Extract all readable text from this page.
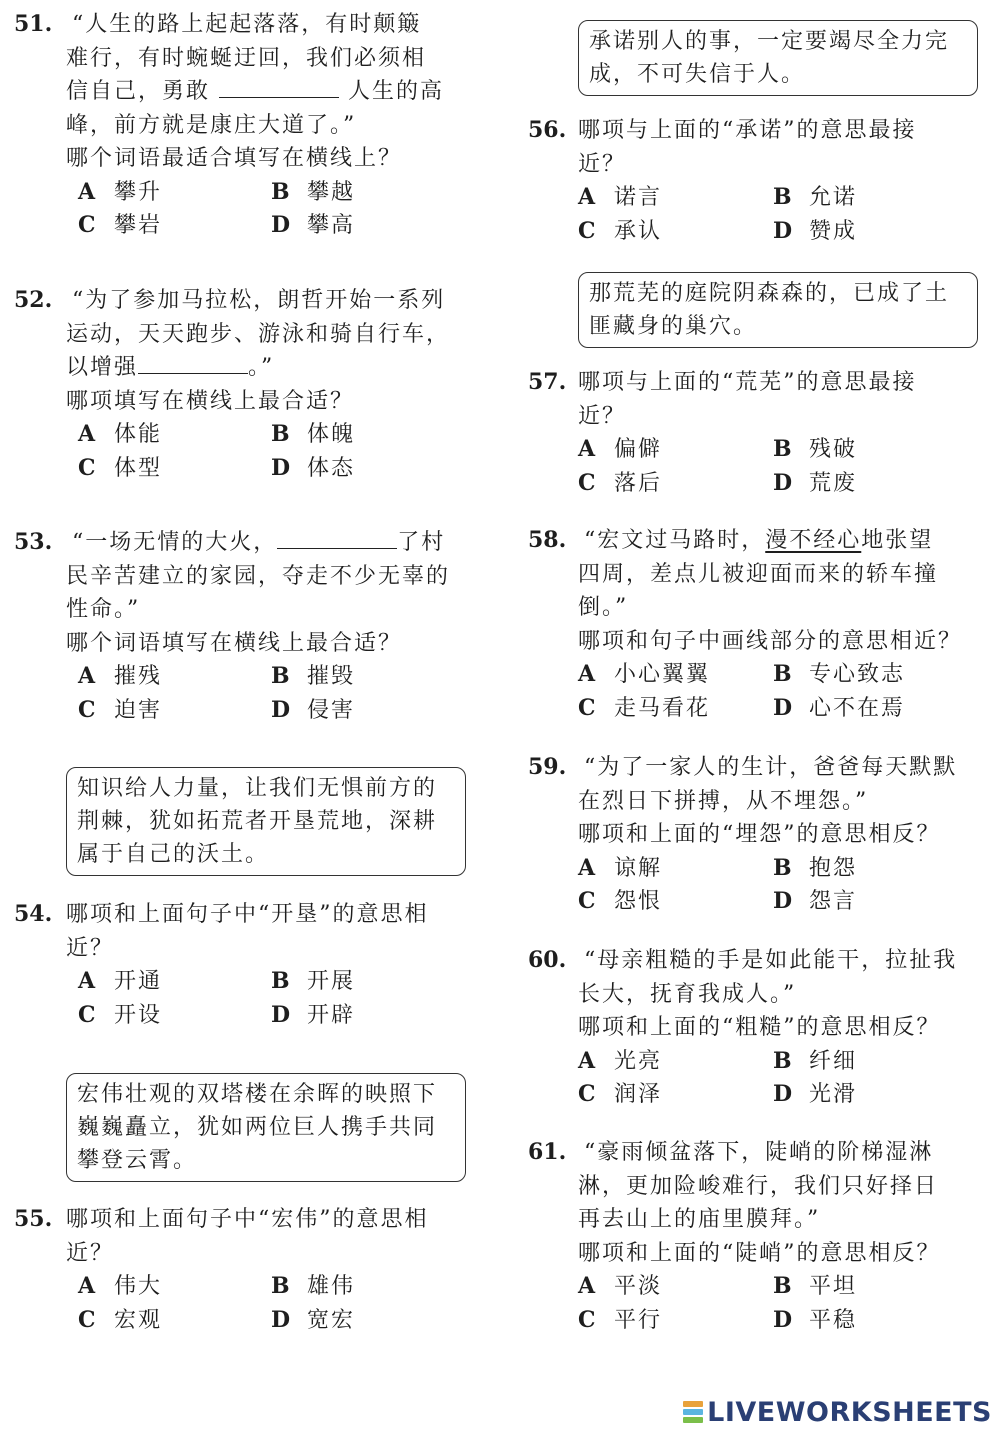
51. “人生的路上起起落落，有时颠簸
难行，有时蜿蜒迂回，我们必须相
信自己，勇敢	人生的高
峰，前方就是康庄大道了。”
哪个词语最适合填写在横线上？
A 攀升	B 攀越
C 攀岩	D 攀高
52. “为了参加马拉松，朗哲开始一系列
运动，天天跑步、游泳和骑自行车，
以增强	。”
哪项填写在横线上最合适？
A 体能	B 体魄
C 体型	D 体态
53. “一场无情的大火，	了村
民辛苦建立的家园，夺走不少无辜的
性命。”
哪个词语填写在横线上最合适？
A 摧残	B 摧毁
C 迫害	D 侵害
知识给人力量，让我们无惧前方的
荆棘，犹如拓荒者开垦荒地，深耕
属于自己的沃土。
54. 哪项和上面句子中“开垦”的意思相
近？
A 开通	B 开展
C 开设	D 开辟
宏伟壮观的双塔楼在余晖的映照下
巍巍矗立，犹如两位巨人携手共同
攀登云霄。
55. 哪项和上面句子中“宏伟”的意思相
近？
A 伟大	B 雄伟
C 宏观	D 宽宏
承诺别人的事，一定要竭尽全力完
成，不可失信于人。
56. 哪项与上面的“承诺”的意思最接
近？
A 诺言	B 允诺
C 承认	D 赞成
那荒芜的庭院阴森森的，已成了土
匪藏身的巢穴。
57. 哪项与上面的“荒芜”的意思最接
近？
A 偏僻	B 残破
C 落后	D 荒废
58. “宏文过马路时，漫不经心地张望
四周，差点儿被迎面而来的轿车撞
倒。”
哪项和句子中画线部分的意思相近？
A 小心翼翼	B 专心致志
C 走马看花	D 心不在焉
59. “为了一家人的生计，爸爸每天默默
在烈日下拼搏，从不埋怨。”
哪项和上面的“埋怨”的意思相反？
A 谅解	B 抱怨
C 怨恨	D 怨言
60. “母亲粗糙的手是如此能干，拉扯我
长大，抚育我成人。”
哪项和上面的“粗糙”的意思相反？
A 光亮	B 纤细
C 润泽	D 光滑
61. “豪雨倾盆落下，陡峭的阶梯湿淋
淋，更加险峻难行，我们只好择日
再去山上的庙里膜拜。”
哪项和上面的“陡峭”的意思相反？
A 平淡	B 平坦
C 平行	D 平稳
LIVEWORKSHEETS
